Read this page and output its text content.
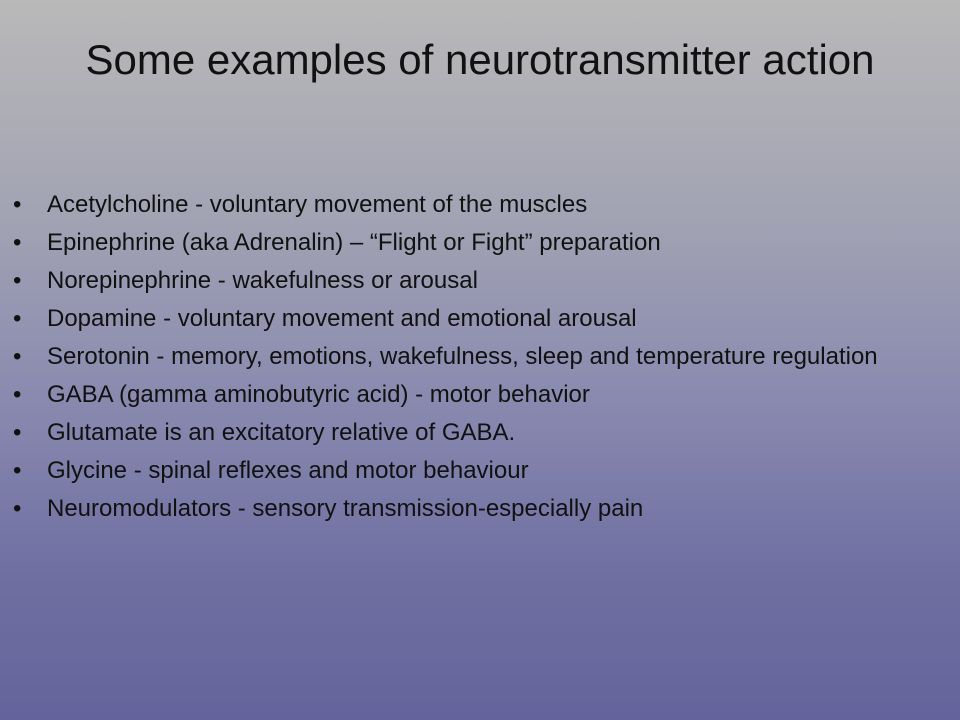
Some examples of neurotransmitter action
• Acetylcholine - voluntary movement of the muscles
• Epinephrine (aka Adrenalin) – “Flight or Fight” preparation
• Norepinephrine - wakefulness or arousal
• Dopamine - voluntary movement and emotional arousal
• Serotonin - memory, emotions, wakefulness, sleep and temperature regulation
• GABA (gamma aminobutyric acid) - motor behavior
• Glutamate is an excitatory relative of GABA.
• Glycine - spinal reflexes and motor behaviour
• Neuromodulators - sensory transmission-especially pain
